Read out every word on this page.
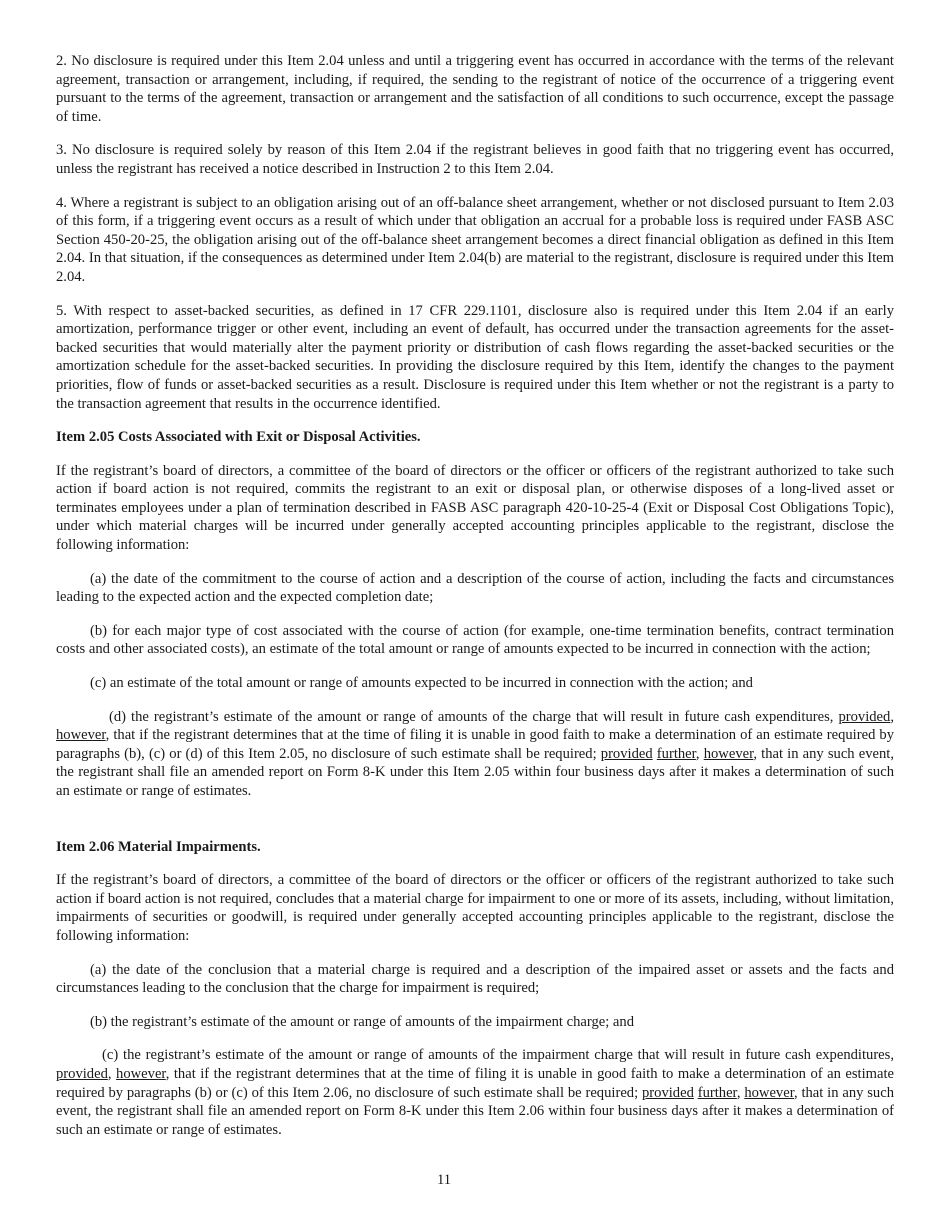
2. No disclosure is required under this Item 2.04 unless and until a triggering event has occurred in accordance with the terms of the relevant agreement, transaction or arrangement, including, if required, the sending to the registrant of notice of the occurrence of a triggering event pursuant to the terms of the agreement, transaction or arrangement and the satisfaction of all conditions to such occurrence, except the passage of time.

3. No disclosure is required solely by reason of this Item 2.04 if the registrant believes in good faith that no triggering event has occurred, unless the registrant has received a notice described in Instruction 2 to this Item 2.04.

4. Where a registrant is subject to an obligation arising out of an off-balance sheet arrangement, whether or not disclosed pursuant to Item 2.03 of this form, if a triggering event occurs as a result of which under that obligation an accrual for a probable loss is required under FASB ASC Section 450-20-25, the obligation arising out of the off-balance sheet arrangement becomes a direct financial obligation as defined in this Item 2.04. In that situation, if the consequences as determined under Item 2.04(b) are material to the registrant, disclosure is required under this Item 2.04.

5. With respect to asset-backed securities, as defined in 17 CFR 229.1101, disclosure also is required under this Item 2.04 if an early amortization, performance trigger or other event, including an event of default, has occurred under the transaction agreements for the asset-backed securities that would materially alter the payment priority or distribution of cash flows regarding the asset-backed securities or the amortization schedule for the asset-backed securities. In providing the disclosure required by this Item, identify the changes to the payment priorities, flow of funds or asset-backed securities as a result. Disclosure is required under this Item whether or not the registrant is a party to the transaction agreement that results in the occurrence identified.

Item 2.05 Costs Associated with Exit or Disposal Activities.

If the registrant’s board of directors, a committee of the board of directors or the officer or officers of the registrant authorized to take such action if board action is not required, commits the registrant to an exit or disposal plan, or otherwise disposes of a long-lived asset or terminates employees under a plan of termination described in FASB ASC paragraph 420-10-25-4 (Exit or Disposal Cost Obligations Topic), under which material charges will be incurred under generally accepted accounting principles applicable to the registrant, disclose the following information:

(a) the date of the commitment to the course of action and a description of the course of action, including the facts and circumstances leading to the expected action and the expected completion date;

(b) for each major type of cost associated with the course of action (for example, one-time termination benefits, contract termination costs and other associated costs), an estimate of the total amount or range of amounts expected to be incurred in connection with the action;

(c) an estimate of the total amount or range of amounts expected to be incurred in connection with the action; and

(d) the registrant’s estimate of the amount or range of amounts of the charge that will result in future cash expenditures, provided, however, that if the registrant determines that at the time of filing it is unable in good faith to make a determination of an estimate required by paragraphs (b), (c) or (d) of this Item 2.05, no disclosure of such estimate shall be required; provided further, however, that in any such event, the registrant shall file an amended report on Form 8-K under this Item 2.05 within four business days after it makes a determination of such an estimate or range of estimates.

Item 2.06 Material Impairments.

If the registrant’s board of directors, a committee of the board of directors or the officer or officers of the registrant authorized to take such action if board action is not required, concludes that a material charge for impairment to one or more of its assets, including, without limitation, impairments of securities or goodwill, is required under generally accepted accounting principles applicable to the registrant, disclose the following information:

(a) the date of the conclusion that a material charge is required and a description of the impaired asset or assets and the facts and circumstances leading to the conclusion that the charge for impairment is required;

(b) the registrant’s estimate of the amount or range of amounts of the impairment charge; and

(c) the registrant’s estimate of the amount or range of amounts of the impairment charge that will result in future cash expenditures, provided, however, that if the registrant determines that at the time of filing it is unable in good faith to make a determination of an estimate required by paragraphs (b) or (c) of this Item 2.06, no disclosure of such estimate shall be required; provided further, however, that in any such event, the registrant shall file an amended report on Form 8-K under this Item 2.06 within four business days after it makes a determination of such an estimate or range of estimates.

11
